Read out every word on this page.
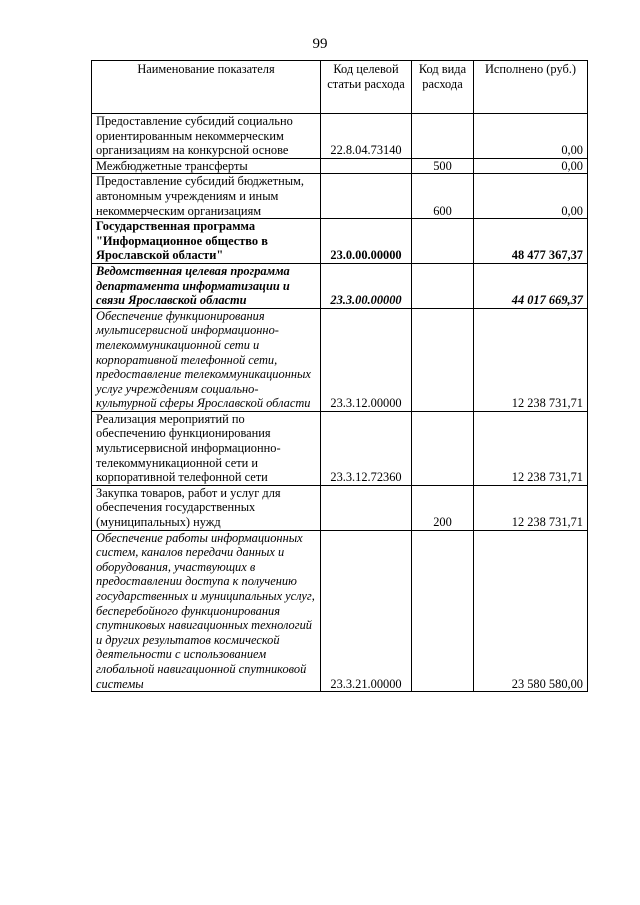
99
Наименование показателя	Код целевой статьи расхода	Код вида расхода	Исполнено (руб.)
Предоставление субсидий социально ориентированным некоммерческим организациям на конкурсной основе	22.8.04.73140		0,00
Межбюджетные трансферты		500	0,00
Предоставление субсидий бюджетным, автономным учреждениям и иным некоммерческим организациям		600	0,00
Государственная программа "Информационное общество в Ярославской области"	23.0.00.00000		48 477 367,37
Ведомственная целевая программа департамента информатизации и связи Ярославской области	23.3.00.00000		44 017 669,37
Обеспечение функционирования мультисервисной информационно-телекоммуникационной сети и корпоративной телефонной сети, предоставление телекоммуникационных услуг учреждениям социально-культурной сферы Ярославской области	23.3.12.00000		12 238 731,71
Реализация мероприятий по обеспечению функционирования мультисервисной информационно-телекоммуникационной сети и корпоративной телефонной сети	23.3.12.72360		12 238 731,71
Закупка товаров, работ и услуг для обеспечения государственных (муниципальных) нужд		200	12 238 731,71
Обеспечение работы информационных систем, каналов передачи данных и оборудования, участвующих в предоставлении доступа к получению государственных и муниципальных услуг, бесперебойного функционирования спутниковых навигационных технологий и других результатов космической деятельности с использованием глобальной навигационной спутниковой системы	23.3.21.00000		23 580 580,00
